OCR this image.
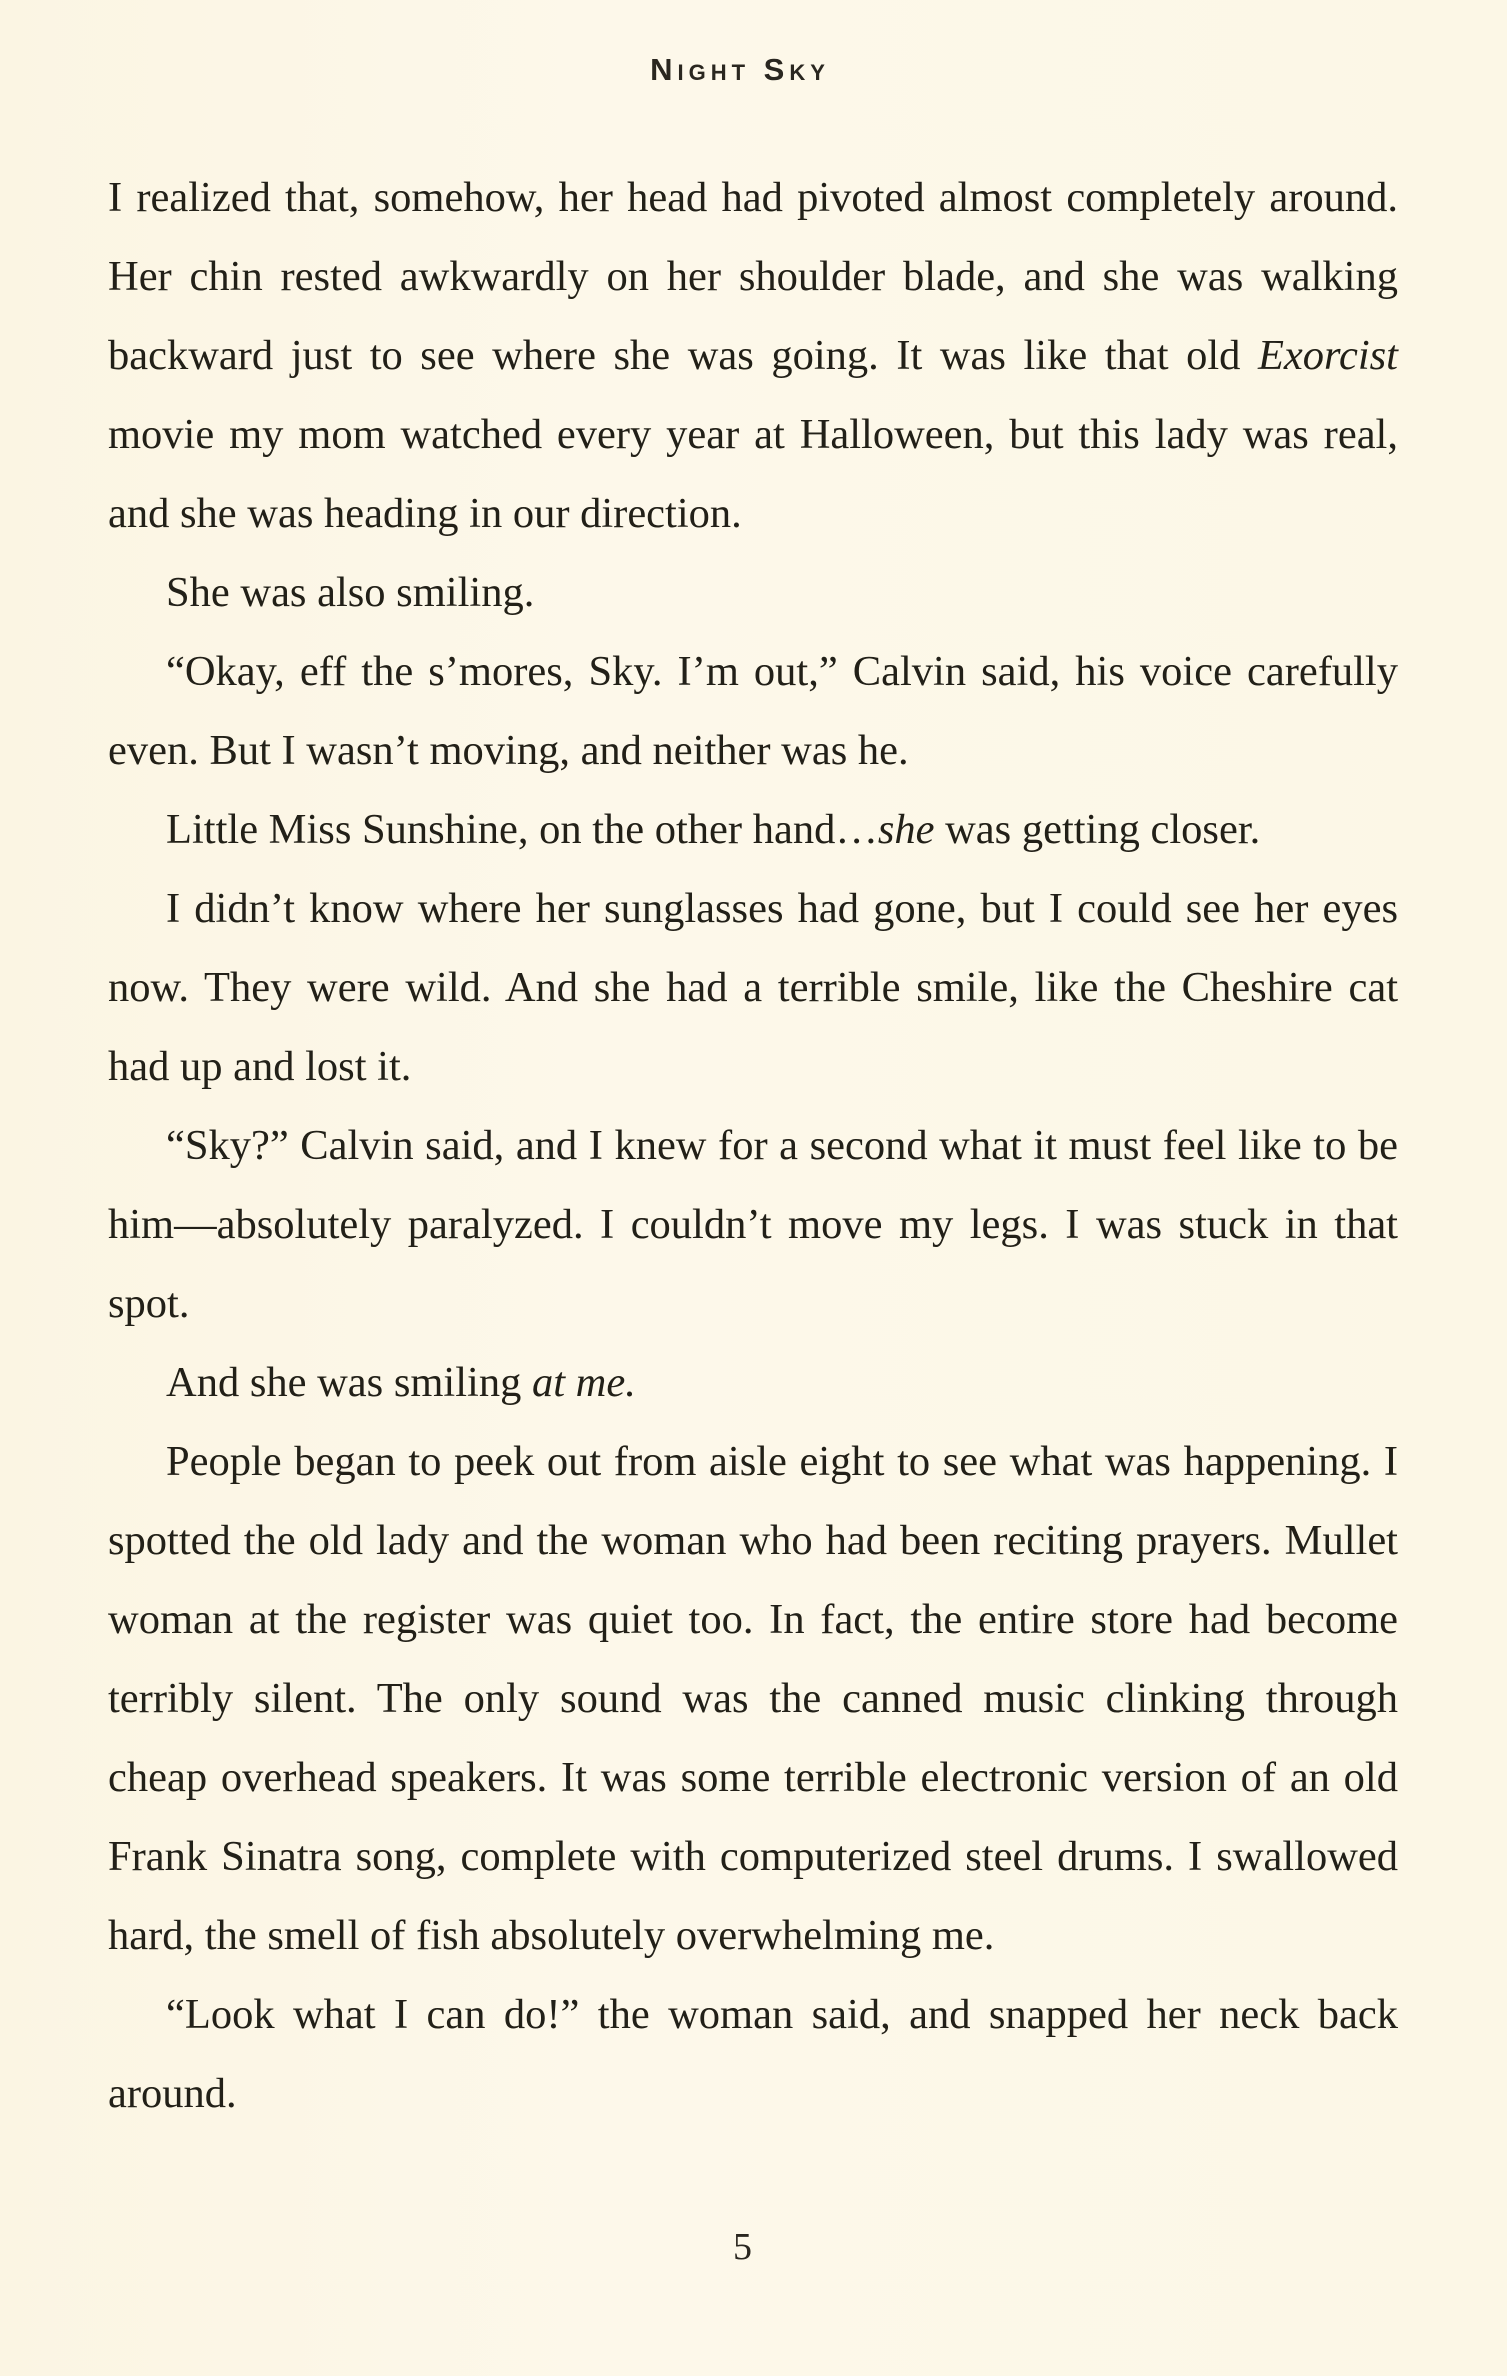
Night Sky

I realized that, somehow, her head had pivoted almost completely around. Her chin rested awkwardly on her shoulder blade, and she was walking backward just to see where she was going. It was like that old Exorcist movie my mom watched every year at Halloween, but this lady was real, and she was heading in our direction.

She was also smiling.

“Okay, eff the s’mores, Sky. I’m out,” Calvin said, his voice carefully even. But I wasn’t moving, and neither was he.

Little Miss Sunshine, on the other hand…she was getting closer.

I didn’t know where her sunglasses had gone, but I could see her eyes now. They were wild. And she had a terrible smile, like the Cheshire cat had up and lost it.

“Sky?” Calvin said, and I knew for a second what it must feel like to be him—absolutely paralyzed. I couldn’t move my legs. I was stuck in that spot.

And she was smiling at me.

People began to peek out from aisle eight to see what was happening. I spotted the old lady and the woman who had been reciting prayers. Mullet woman at the register was quiet too. In fact, the entire store had become terribly silent. The only sound was the canned music clinking through cheap overhead speakers. It was some terrible electronic version of an old Frank Sinatra song, complete with computerized steel drums. I swallowed hard, the smell of fish absolutely overwhelming me.

“Look what I can do!” the woman said, and snapped her neck back around.

5
